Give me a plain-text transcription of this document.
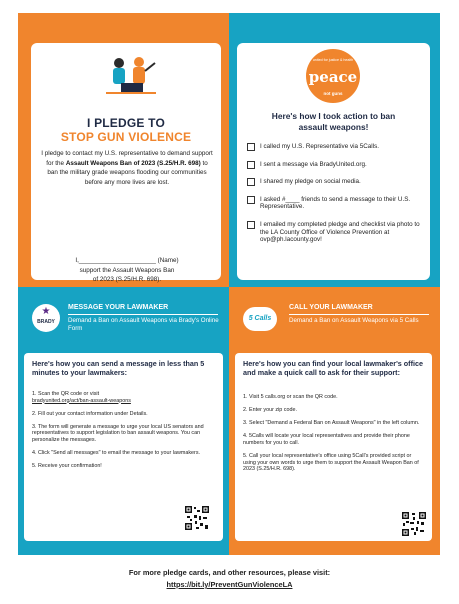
I PLEDGE TO
STOP GUN VIOLENCE
I pledge to contact my U.S. representative to demand support for the Assault Weapons Ban of 2023 (S.25/H.R. 698) to ban the military grade weapons flooding our communities before any more lives are lost.
I,______________________ (Name)
support the Assault Weapons Ban
of 2023 (S.25/H.R. 698).
peace
united for justice & health
not guns
Here's how I took action to ban
assault weapons!
I called my U.S. Representative via 5Calls.
I sent a message via BradyUnited.org.
I shared my pledge on social media.
I asked #____ friends to send a message to their U.S. Representative.
I emailed my completed pledge and checklist via photo to the LA County Office of Violence Prevention at ovp@ph.lacounty.gov!
★
BRADY
MESSAGE YOUR LAWMAKER
Demand a Ban on Assault Weapons via Brady's Online Form
5 Calls
CALL YOUR LAWMAKER
Demand a Ban on Assault Weapons via 5 Calls
Here's how you can send a message in less than 5 minutes to your lawmakers:
1. Scan the QR code or visit
bradyunited.org/act/ban-assault-weapons
2. Fill out your contact information under Details.
3. The form will generate a message to urge your local US senators and representatives to support legislation to ban assault weapons. You can personalize the messages.
4. Click "Send all messages" to email the message to your lawmakers.
5. Receive your confirmation!
Here's how you can find your local lawmaker's office and make a quick call to ask for their support:
1. Visit 5 calls.org or scan the QR code.
2. Enter your zip code.
3. Select "Demand a Federal Ban on Assault Weapons" in the left column.
4. 5Calls will locate your local representatives and provide their phone numbers for you to call.
5. Call your local representative's office using 5Call's provided script or using your own words to urge them to support the Assault Weapon Ban of 2023 (S.25/H.R. 698).
For more pledge cards, and other resources, please visit:
https://bit.ly/PreventGunViolenceLA
